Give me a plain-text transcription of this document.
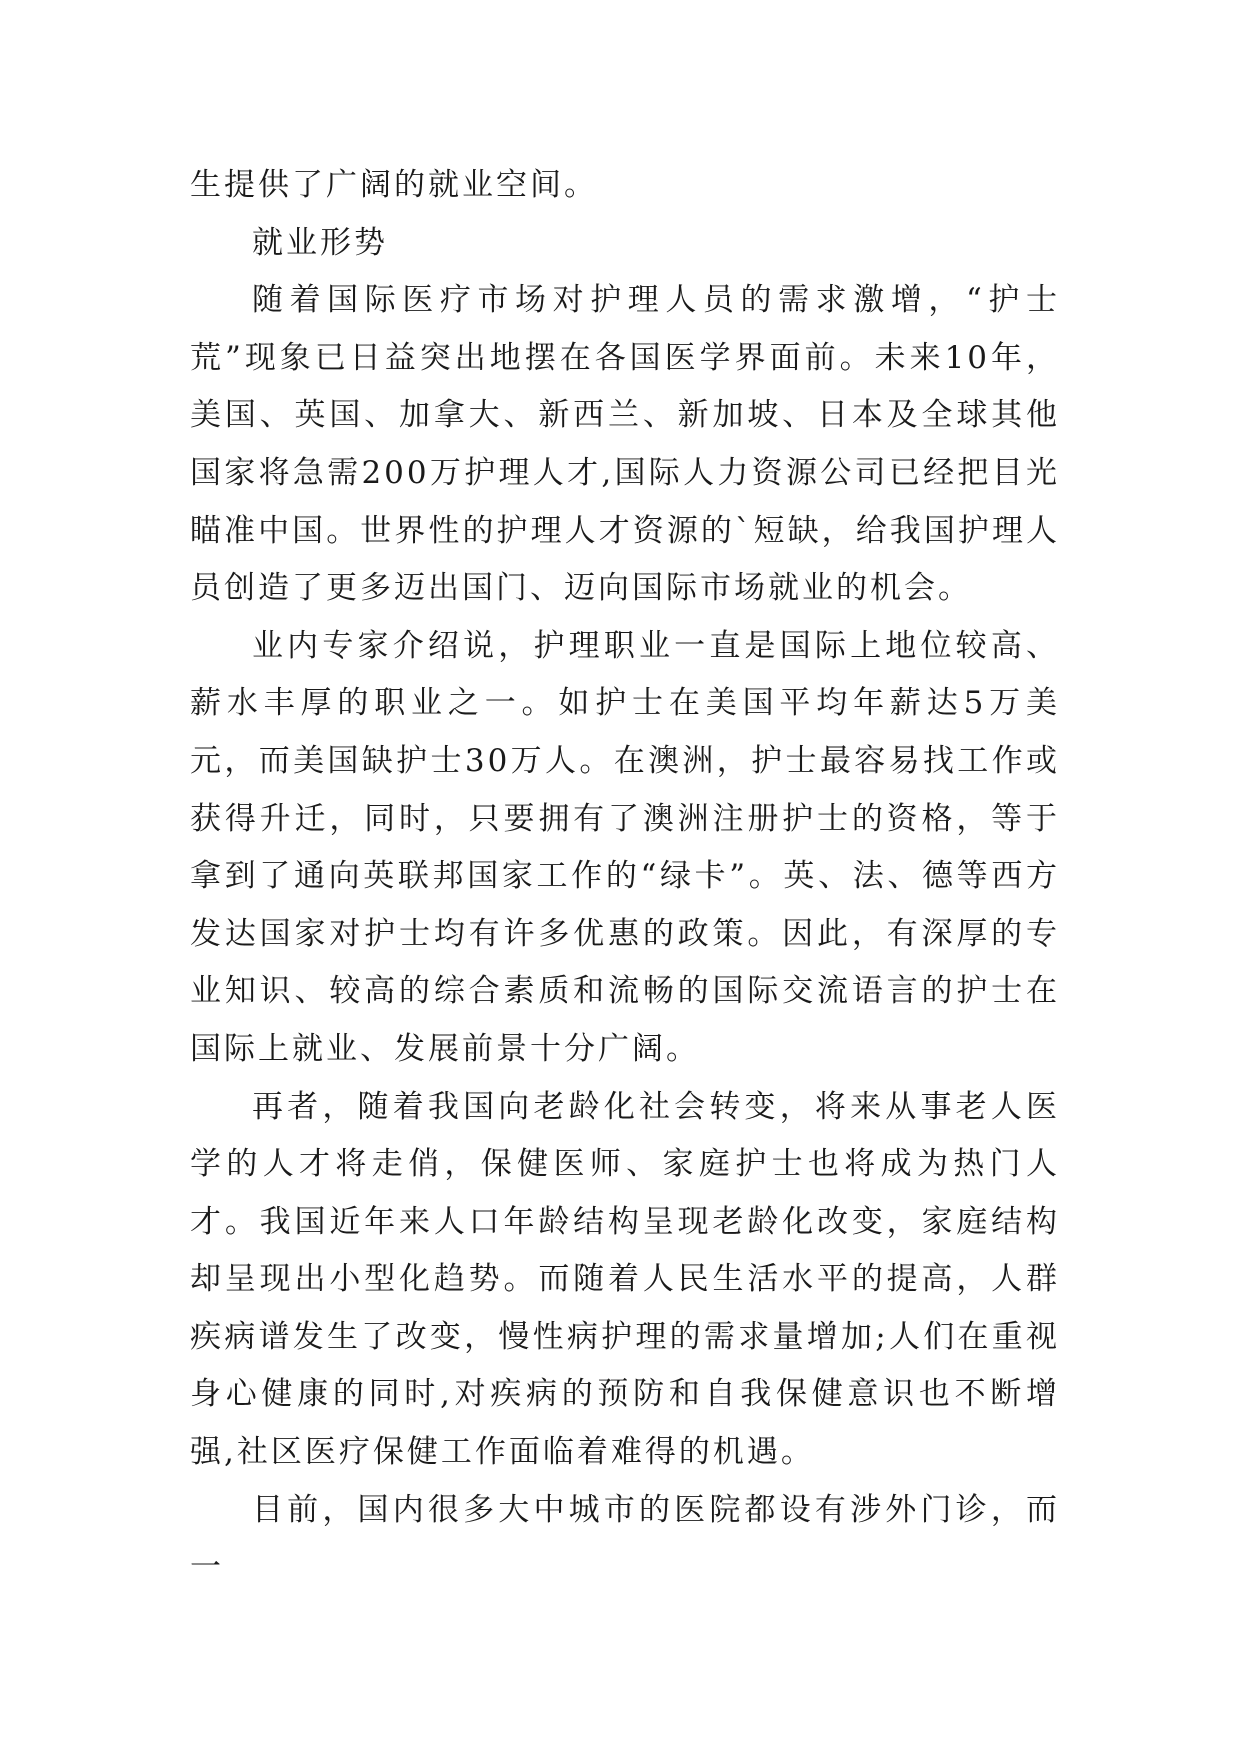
生提供了广阔的就业空间。

就业形势

随着国际医疗市场对护理人员的需求激增，“护士荒”现象已日益突出地摆在各国医学界面前。未来10年，美国、英国、加拿大、新西兰、新加坡、日本及全球其他国家将急需200万护理人才,国际人力资源公司已经把目光瞄准中国。世界性的护理人才资源的`短缺，给我国护理人员创造了更多迈出国门、迈向国际市场就业的机会。

业内专家介绍说，护理职业一直是国际上地位较高、薪水丰厚的职业之一。如护士在美国平均年薪达5万美元，而美国缺护士30万人。在澳洲，护士最容易找工作或获得升迁，同时，只要拥有了澳洲注册护士的资格，等于拿到了通向英联邦国家工作的“绿卡”。英、法、德等西方发达国家对护士均有许多优惠的政策。因此，有深厚的专业知识、较高的综合素质和流畅的国际交流语言的护士在国际上就业、发展前景十分广阔。

再者，随着我国向老龄化社会转变，将来从事老人医学的人才将走俏，保健医师、家庭护士也将成为热门人才。我国近年来人口年龄结构呈现老龄化改变，家庭结构却呈现出小型化趋势。而随着人民生活水平的提高，人群疾病谱发生了改变，慢性病护理的需求量增加;人们在重视身心健康的同时,对疾病的预防和自我保健意识也不断增强,社区医疗保健工作面临着难得的机遇。

目前，国内很多大中城市的医院都设有涉外门诊，而一
